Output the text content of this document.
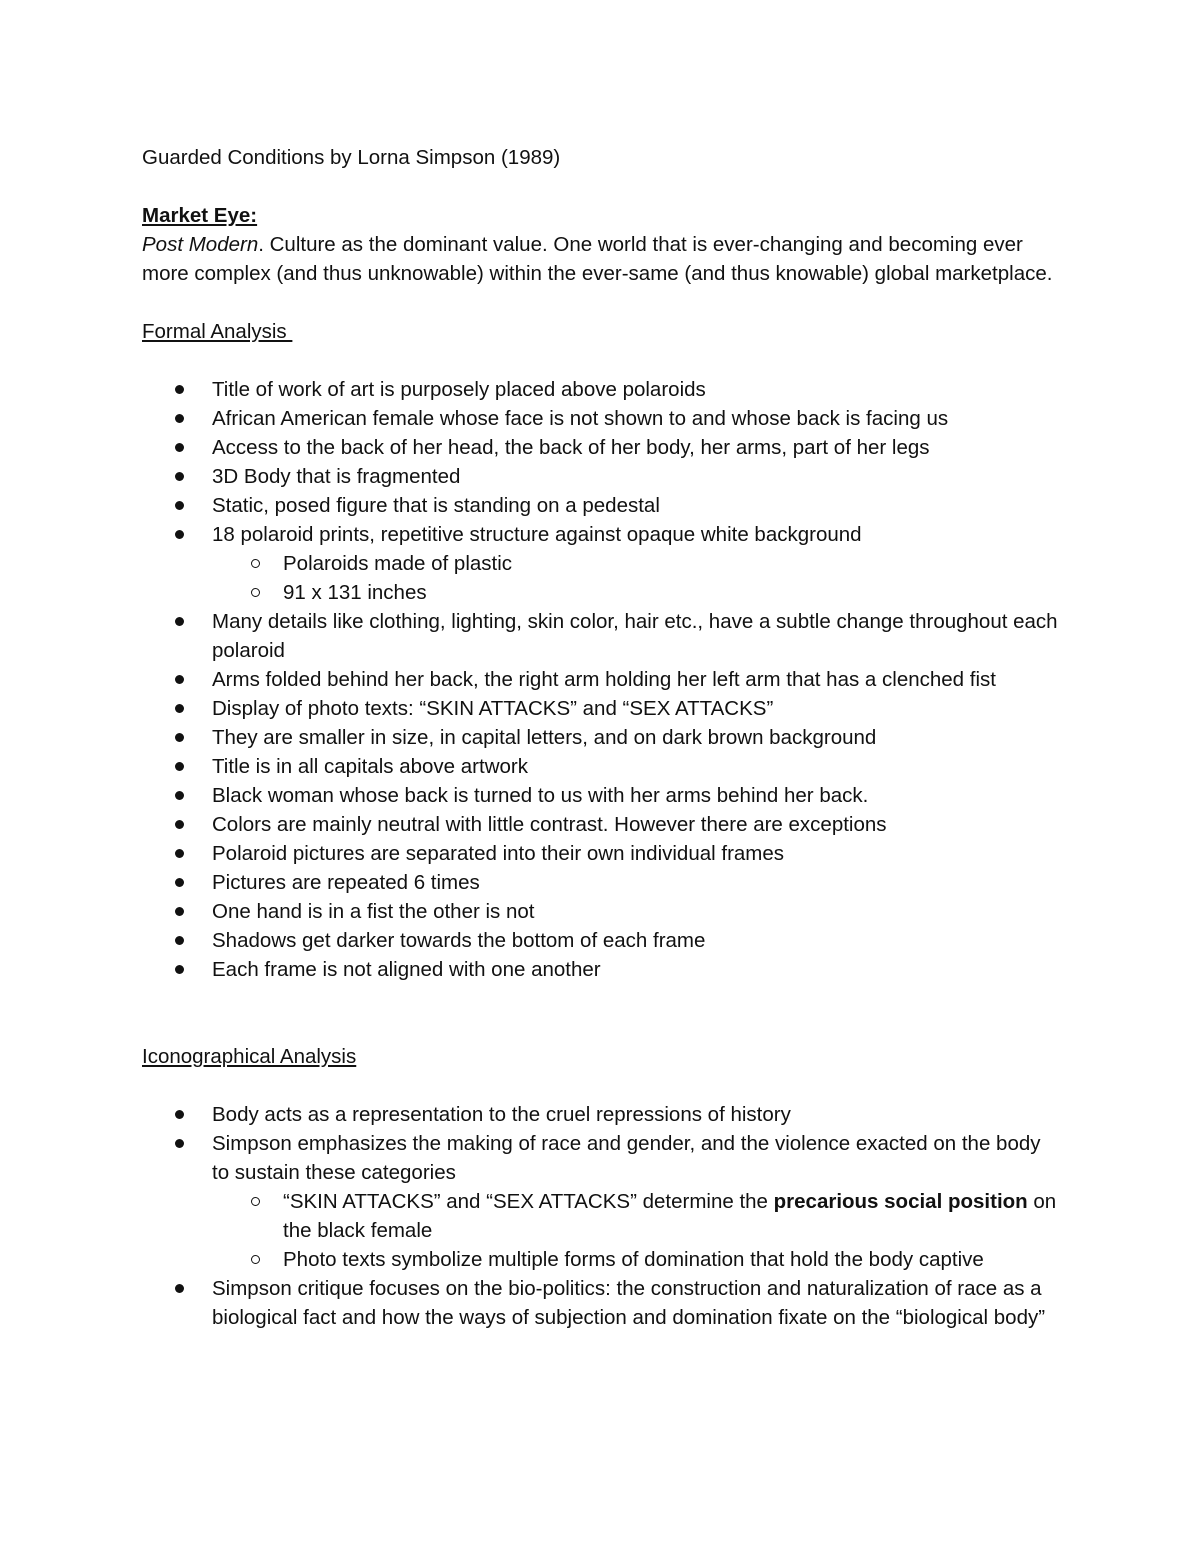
Guarded Conditions by Lorna Simpson (1989)

Market Eye:

Post Modern. Culture as the dominant value. One world that is ever-changing and becoming ever more complex (and thus unknowable) within the ever-same (and thus knowable) global marketplace.

Formal Analysis

Title of work of art is purposely placed above polaroids
African American female whose face is not shown to and whose back is facing us
Access to the back of her head, the back of her body, her arms, part of her legs
3D Body that is fragmented
Static, posed figure that is standing on a pedestal
18 polaroid prints, repetitive structure against opaque white background
Polaroids made of plastic
91 x 131 inches
Many details like clothing, lighting, skin color, hair etc., have a subtle change throughout each polaroid
Arms folded behind her back, the right arm holding her left arm that has a clenched fist
Display of photo texts: “SKIN ATTACKS” and “SEX ATTACKS”
They are smaller in size, in capital letters, and on dark brown background
Title is in all capitals above artwork
Black woman whose back is turned to us with her arms behind her back.
Colors are mainly neutral with little contrast. However there are exceptions
Polaroid pictures are separated into their own individual frames
Pictures are repeated 6 times
One hand is in a fist the other is not
Shadows get darker towards the bottom of each frame
Each frame is not aligned with one another

Iconographical Analysis

Body acts as a representation to the cruel repressions of history
Simpson emphasizes the making of race and gender, and the violence exacted on the body to sustain these categories
“SKIN ATTACKS” and “SEX ATTACKS” determine the precarious social position on the black female
Photo texts symbolize multiple forms of domination that hold the body captive
Simpson critique focuses on the bio-politics: the construction and naturalization of race as a biological fact and how the ways of subjection and domination fixate on the “biological body”
